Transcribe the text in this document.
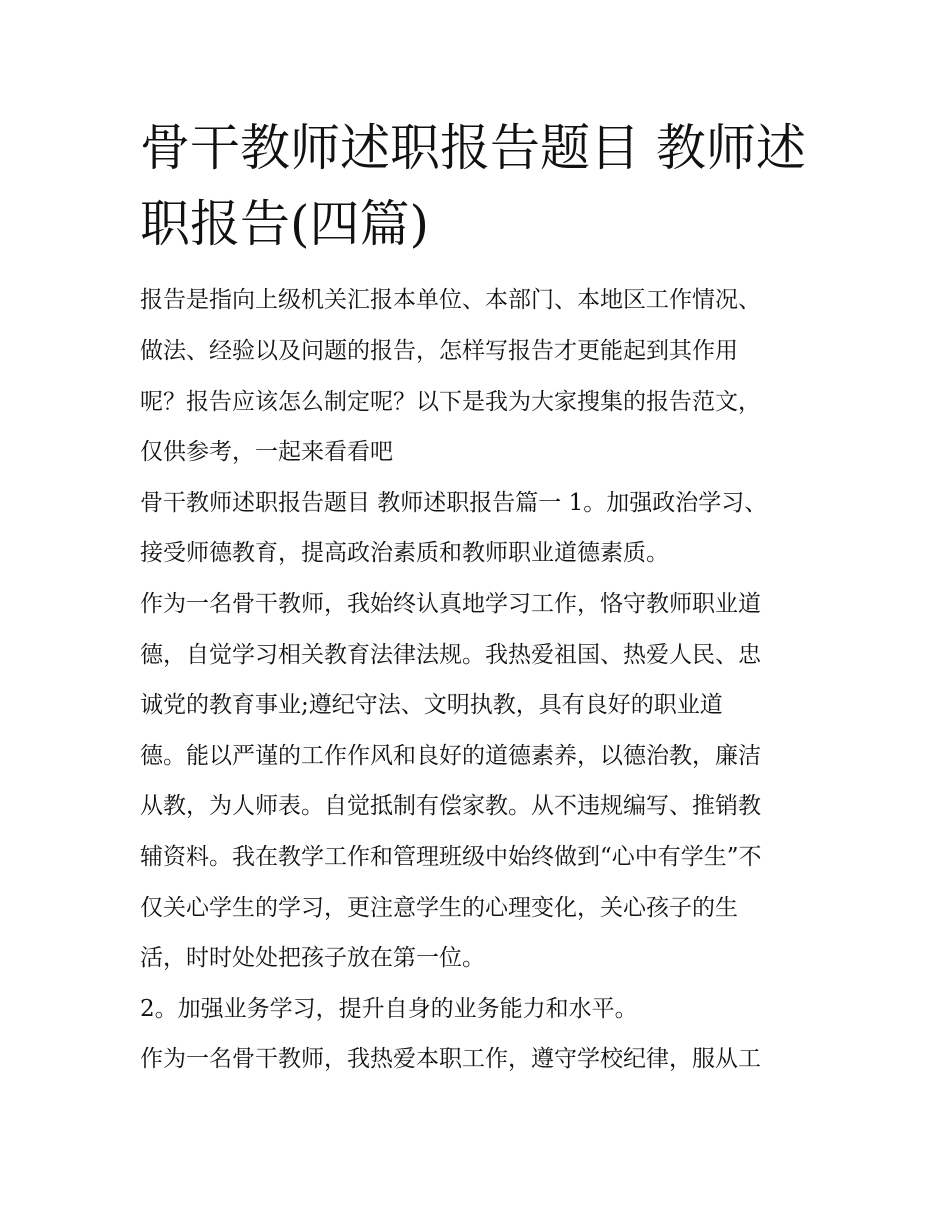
骨干教师述职报告题目 教师述
职报告(四篇)

报告是指向上级机关汇报本单位、本部门、本地区工作情况、

做法、经验以及问题的报告，怎样写报告才更能起到其作用

呢？报告应该怎么制定呢？以下是我为大家搜集的报告范文，

仅供参考，一起来看看吧

骨干教师述职报告题目 教师述职报告篇一 1。加强政治学习、

接受师德教育，提高政治素质和教师职业道德素质。

作为一名骨干教师，我始终认真地学习工作，恪守教师职业道

德，自觉学习相关教育法律法规。我热爱祖国、热爱人民、忠

诚党的教育事业;遵纪守法、文明执教，具有良好的职业道

德。能以严谨的工作作风和良好的道德素养，以德治教，廉洁

从教，为人师表。自觉抵制有偿家教。从不违规编写、推销教

辅资料。我在教学工作和管理班级中始终做到“心中有学生”不

仅关心学生的学习，更注意学生的心理变化，关心孩子的生

活，时时处处把孩子放在第一位。

2。加强业务学习，提升自身的业务能力和水平。

作为一名骨干教师，我热爱本职工作，遵守学校纪律，服从工
